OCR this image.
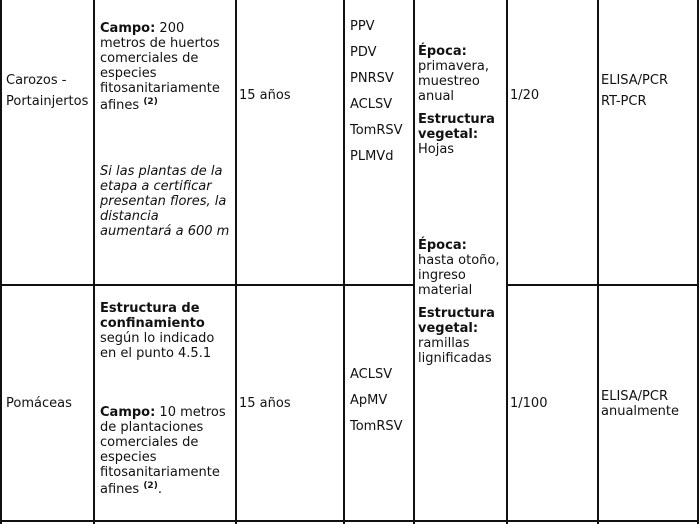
Carozos -
Portainjertos
Campo: 200
metros de huertos
comerciales de
especies
fitosanitariamente
afines $^{(2)}$
Si las plantas de la
etapa a certificar
presentan flores, la
distancia
aumentará a 600 m
15 años
PPV
PDV
PNRSV
ACLSV
TomRSV
PLMVd
Época:
primavera,
muestreo
anual
Estructura
vegetal:
Hojas
1/20
ELISA/PCR
RT-PCR
Pomáceas
Estructura de
confinamiento
según lo indicado
en el punto 4.5.1
Campo: 10 metros
de plantaciones
comerciales de
especies
fitosanitariamente
afines $^{(2)}$.
15 años
ACLSV
ApMV
TomRSV
Época:
hasta otoño,
ingreso
material
Estructura
vegetal:
ramillas
lignificadas
1/100	ELISA/PCR
anualmente
